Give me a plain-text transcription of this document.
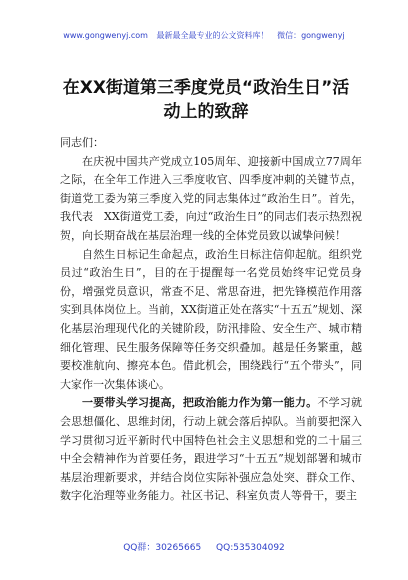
www.gongwenyj.com 最新最全最专业的公文资料库！ 微信：gongwenyj
在XX街道第三季度党员“政治生日”活动上的致辞

同志们：

在庆祝中国共产党成立105周年、迎接新中国成立77周年之际，在全年工作进入三季度收官、四季度冲刺的关键节点，街道党工委为第三季度入党的同志集体过“政治生日”。首先，我代表　XX街道党工委，向过“政治生日”的同志们表示热烈祝贺，向长期奋战在基层治理一线的全体党员致以诚挚问候！

自然生日标记生命起点，政治生日标注信仰起航。组织党员过“政治生日”，目的在于提醒每一名党员始终牢记党员身份，增强党员意识，常查不足、常思奋进，把先锋模范作用落实到具体岗位上。当前，XX街道正处在落实“十五五”规划、深化基层治理现代化的关键阶段，防汛排险、安全生产、城市精细化管理、民生服务保障等任务交织叠加。越是任务繁重，越要校准航向、擦亮本色。借此机会，围绕践行“五个带头”，同大家作一次集体谈心。

一要带头学习提高，把政治能力作为第一能力。不学习就会思想僵化、思维封闭，行动上就会落后掉队。当前要把深入学习贯彻习近平新时代中国特色社会主义思想和党的二十届三中全会精神作为首要任务，跟进学习“十五五”规划部署和城市基层治理新要求，并结合岗位实际补强应急处突、群众工作、数字化治理等业务能力。社区书记、科室负责人等骨干，要主

QQ群：30265665 QQ:535304092
